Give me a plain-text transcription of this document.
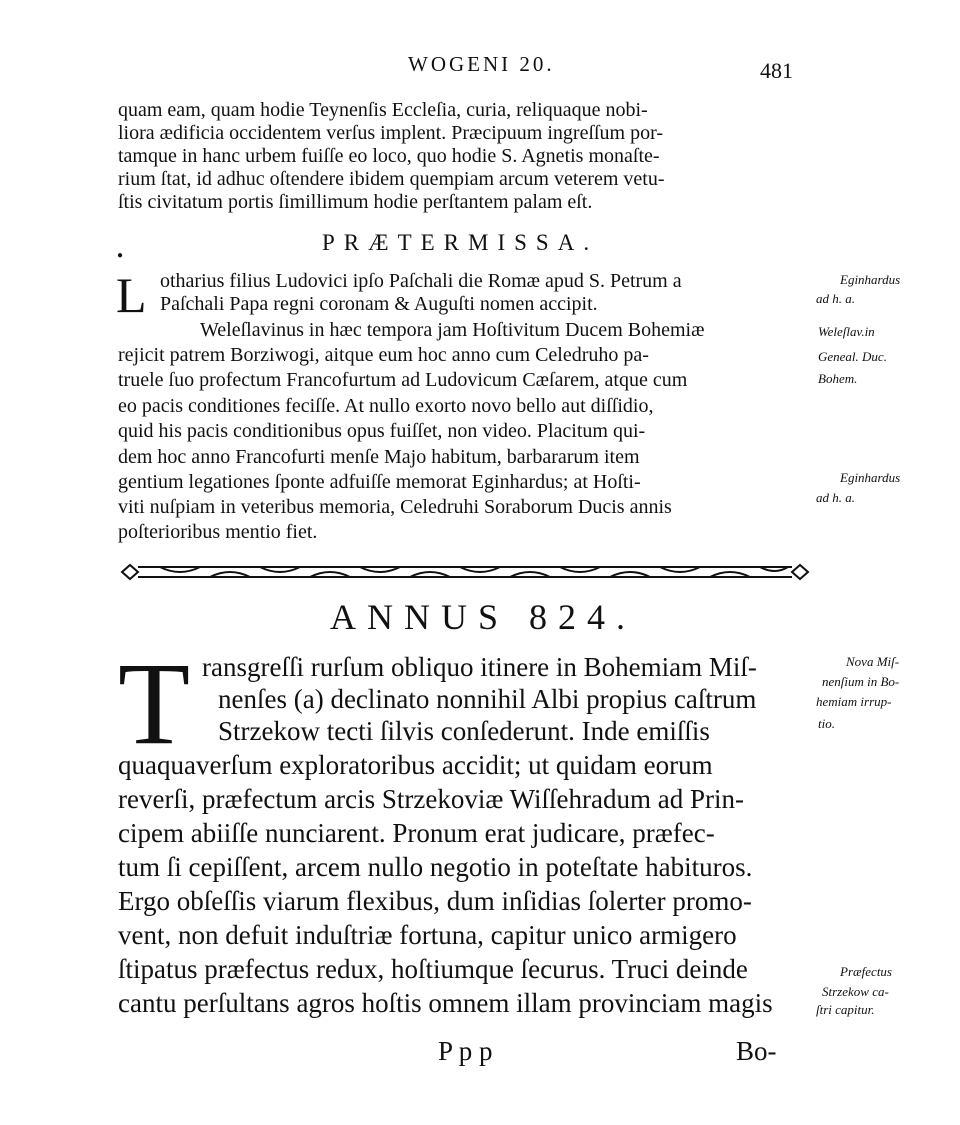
WOGENI 20.	481
quam eam, quam hodie Teynenſis Eccleſia, curia, reliquaque nobi-
liora ædificia occidentem verſus implent. Præcipuum ingreſſum por-
tamque in hanc urbem fuiſſe eo loco, quo hodie S. Agnetis monaſte-
rium ſtat, id adhuc oſtendere ibidem quempiam arcum veterem vetu-
ſtis civitatum portis ſimillimum hodie perſtantem palam eſt.
●
PRÆTERMISSA.
L otharius filius Ludovici ipſo Paſchali die Romæ apud S. Petrum a
Paſchali Papa regni coronam & Auguſti nomen accipit.
Weleſlavinus in hæc tempora jam Hoſtivitum Ducem Bohemiæ
rejicit patrem Borziwogi, aitque eum hoc anno cum Celedruho pa-
truele ſuo profectum Francofurtum ad Ludovicum Cæſarem, atque cum
eo pacis conditiones feciſſe. At nullo exorto novo bello aut diſſidio,
quid his pacis conditionibus opus fuiſſet, non video. Placitum qui-
dem hoc anno Francofurti menſe Majo habitum, barbararum item
gentium legationes ſponte adfuiſſe memorat Eginhardus; at Hoſti-
viti nuſpiam in veteribus memoria, Celedruhi Soraborum Ducis annis
poſterioribus mentio fiet.
ANNUS 824.
T ransgreſſi rurſum obliquo itinere in Bohemiam Miſ-
nenſes (a) declinato nonnihil Albi propius caſtrum
Strzekow tecti ſilvis conſederunt. Inde emiſſis
quaquaverſum exploratoribus accidit; ut quidam eorum
reverſi, præfectum arcis Strzekoviæ Wiſſehradum ad Prin-
cipem abiiſſe nunciarent. Pronum erat judicare, præfec-
tum ſi cepiſſent, arcem nullo negotio in poteſtate habituros.
Ergo obſeſſis viarum flexibus, dum inſidias ſolerter promo-
vent, non defuit induſtriæ fortuna, capitur unico armigero
ſtipatus præfectus redux, hoſtiumque ſecurus. Truci deinde
cantu perſultans agros hoſtis omnem illam provinciam magis
Eginhardus
ad h. a.
Weleſlav.in
Geneal. Duc.
Bohem.
Eginhardus
ad h. a.
Nova Miſ-
nenſium in Bo-
hemiam irrup-
tio.
Præfectus
Strzekow ca-
ſtri capitur.
P p p	Bo-
